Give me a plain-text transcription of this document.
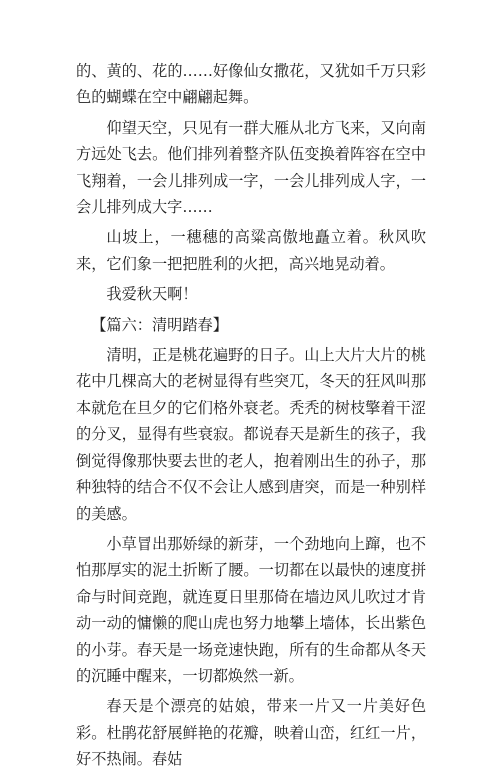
的、黄的、花的……好像仙女撒花，又犹如千万只彩色的蝴蝶在空中翩翩起舞。

仰望天空，只见有一群大雁从北方飞来，又向南方远处飞去。他们排列着整齐队伍变换着阵容在空中飞翔着，一会儿排列成一字，一会儿排列成人字，一会儿排列成大字……

山坡上，一穗穗的高粱高傲地矗立着。秋风吹来，它们象一把把胜利的火把，高兴地晃动着。

我爱秋天啊！

【篇六：清明踏春】

清明，正是桃花遍野的日子。山上大片大片的桃花中几棵高大的老树显得有些突兀，冬天的狂风叫那本就危在旦夕的它们格外衰老。秃秃的树枝擎着干涩的分叉，显得有些衰寂。都说春天是新生的孩子，我倒觉得像那快要去世的老人，抱着刚出生的孙子，那种独特的结合不仅不会让人感到唐突，而是一种别样的美感。

小草冒出那娇绿的新芽，一个劲地向上蹿，也不怕那厚实的泥土折断了腰。一切都在以最快的速度拼命与时间竞跑，就连夏日里那倚在墙边风儿吹过才肯动一动的慵懒的爬山虎也努力地攀上墙体，长出紫色的小芽。春天是一场竞速快跑，所有的生命都从冬天的沉睡中醒来，一切都焕然一新。

春天是个漂亮的姑娘，带来一片又一片美好色彩。杜鹃花舒展鲜艳的花瓣，映着山峦，红红一片，好不热闹。春姑
